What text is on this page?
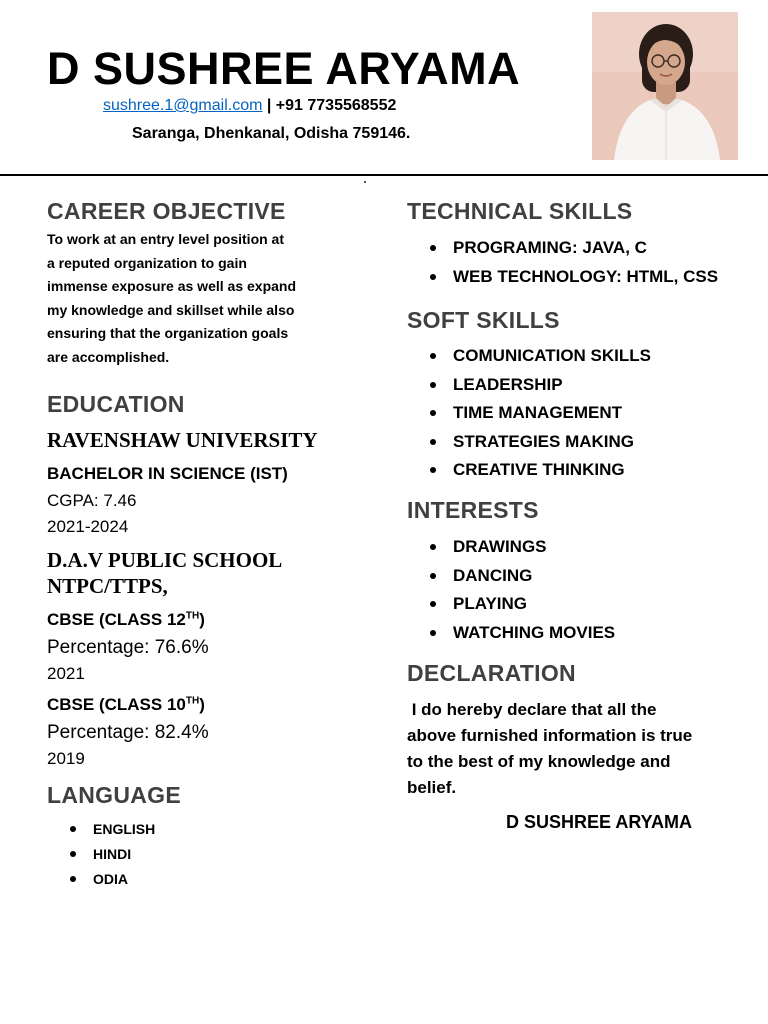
D SUSHREE ARYAMA
sushree.1@gmail.com | +91 7735568552
Saranga, Dhenkanal, Odisha 759146.
CAREER OBJECTIVE

To work at an entry level position at

a reputed organization to gain

immense exposure as well as expand

my knowledge and skillset while also

ensuring that the organization goals

are accomplished.

EDUCATION
RAVENSHAW UNIVERSITY
BACHELOR IN SCIENCE (IST)
CGPA: 7.46
2021-2024
D.A.V PUBLIC SCHOOL
NTPC/TTPS,
CBSE (CLASS 12TH)
Percentage: 76.6%
2021
CBSE (CLASS 10TH)
Percentage: 82.4%
2019
LANGUAGE
ENGLISH
HINDI
ODIA
TECHNICAL SKILLS
PROGRAMING: JAVA, C
WEB TECHNOLOGY: HTML, CSS
SOFT SKILLS
COMUNICATION SKILLS
LEADERSHIP
TIME MANAGEMENT
STRATEGIES MAKING
CREATIVE THINKING
INTERESTS
DRAWINGS
DANCING
PLAYING
WATCHING MOVIES
DECLARATION
I do hereby declare that all the
above furnished information is true
to the best of my knowledge and
belief.
D SUSHREE ARYAMA
